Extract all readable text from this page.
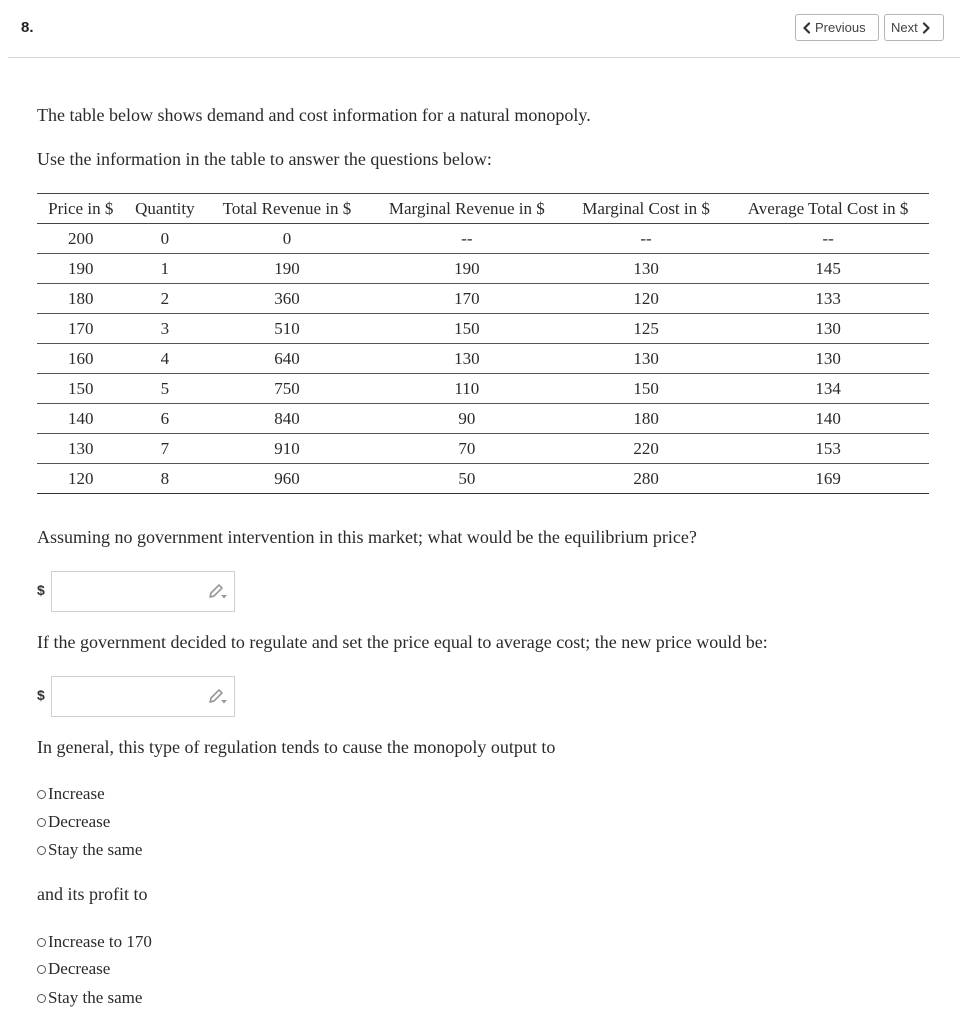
8.	Previous Next
The table below shows demand and cost information for a natural monopoly.
Use the information in the table to answer the questions below:
Price in $	Quantity	Total Revenue in $	Marginal Revenue in $	Marginal Cost in $	Average Total Cost in $
200	0	0	--	--	--
190	1	190	190	130	145
180	2	360	170	120	133
170	3	510	150	125	130
160	4	640	130	130	130
150	5	750	110	150	134
140	6	840	90	180	140
130	7	910	70	220	153
120	8	960	50	280	169
Assuming no government intervention in this market; what would be the equilibrium price?
$
If the government decided to regulate and set the price equal to average cost; the new price would be:
$
In general, this type of regulation tends to cause the monopoly output to
Increase
Decrease
Stay the same
and its profit to
Increase to 170
Decrease
Stay the same
